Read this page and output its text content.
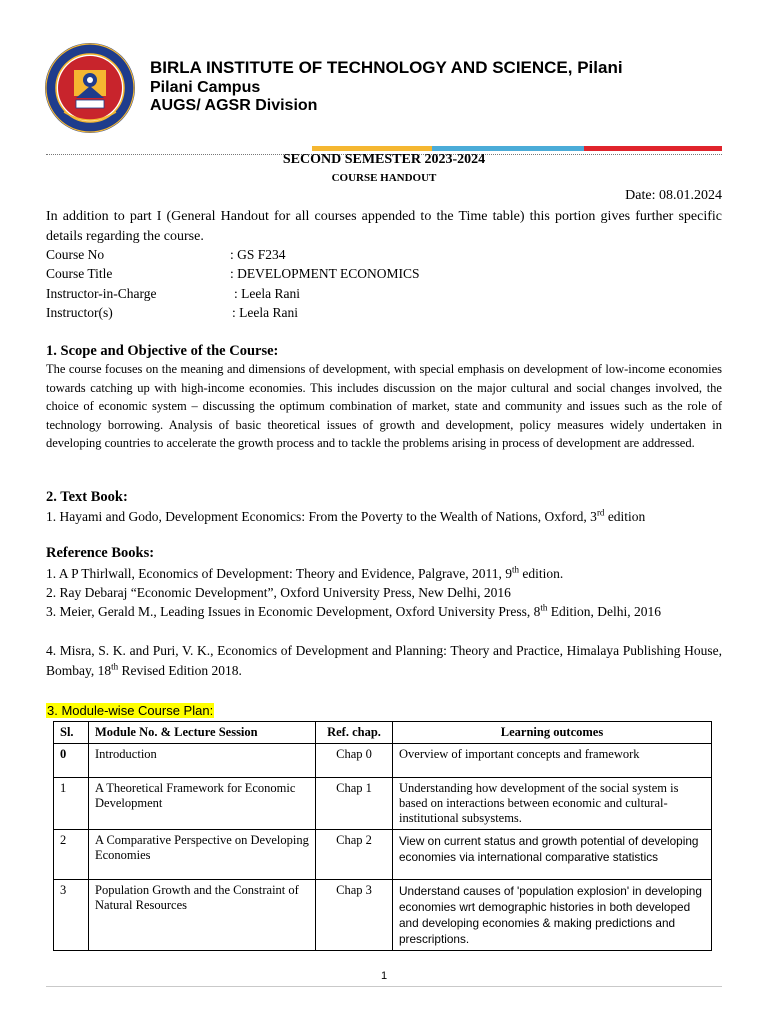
BIRLA INSTITUTE OF TECHNOLOGY AND SCIENCE, Pilani
Pilani Campus
AUGS/ AGSR Division
SECOND SEMESTER 2023-2024
COURSE HANDOUT
Date: 08.01.2024
In addition to part I (General Handout for all courses appended to the Time table) this portion gives further specific details regarding the course.
Course No	: GS F234
Course Title	: DEVELOPMENT ECONOMICS
Instructor-in-Charge	: Leela Rani
Instructor(s)	: Leela Rani
1. Scope and Objective of the Course:
The course focuses on the meaning and dimensions of development, with special emphasis on development of low-income economies towards catching up with high-income economies. This includes discussion on the major cultural and social changes involved, the choice of economic system – discussing the optimum combination of market, state and community and issues such as the role of technology borrowing. Analysis of basic theoretical issues of growth and development, policy measures widely undertaken in developing countries to accelerate the growth process and to tackle the problems arising in process of development are addressed.
2. Text Book:
1. Hayami and Godo, Development Economics: From the Poverty to the Wealth of Nations, Oxford, 3rd edition
Reference Books:
1. A P Thirlwall, Economics of Development: Theory and Evidence, Palgrave, 2011, 9th edition.
2. Ray Debaraj “Economic Development”, Oxford University Press, New Delhi, 2016
3. Meier, Gerald M., Leading Issues in Economic Development, Oxford University Press, 8th Edition, Delhi, 2016
4. Misra, S. K. and Puri, V. K., Economics of Development and Planning: Theory and Practice, Himalaya Publishing House, Bombay, 18th Revised Edition 2018.
3. Module-wise Course Plan:
Sl.	Module No. & Lecture Session	Ref. chap.	Learning outcomes
0	Introduction	Chap 0	Overview of important concepts and framework
1	A Theoretical Framework for Economic Development	Chap 1	Understanding how development of the social system is based on interactions between economic and cultural-institutional subsystems.
2	A Comparative Perspective on Developing Economies	Chap 2	View on current status and growth potential of developing economies via international comparative statistics
3	Population Growth and the Constraint of Natural Resources	Chap 3	Understand causes of 'population explosion' in developing economies wrt demographic histories in both developed and developing economies & making predictions and prescriptions.
1
